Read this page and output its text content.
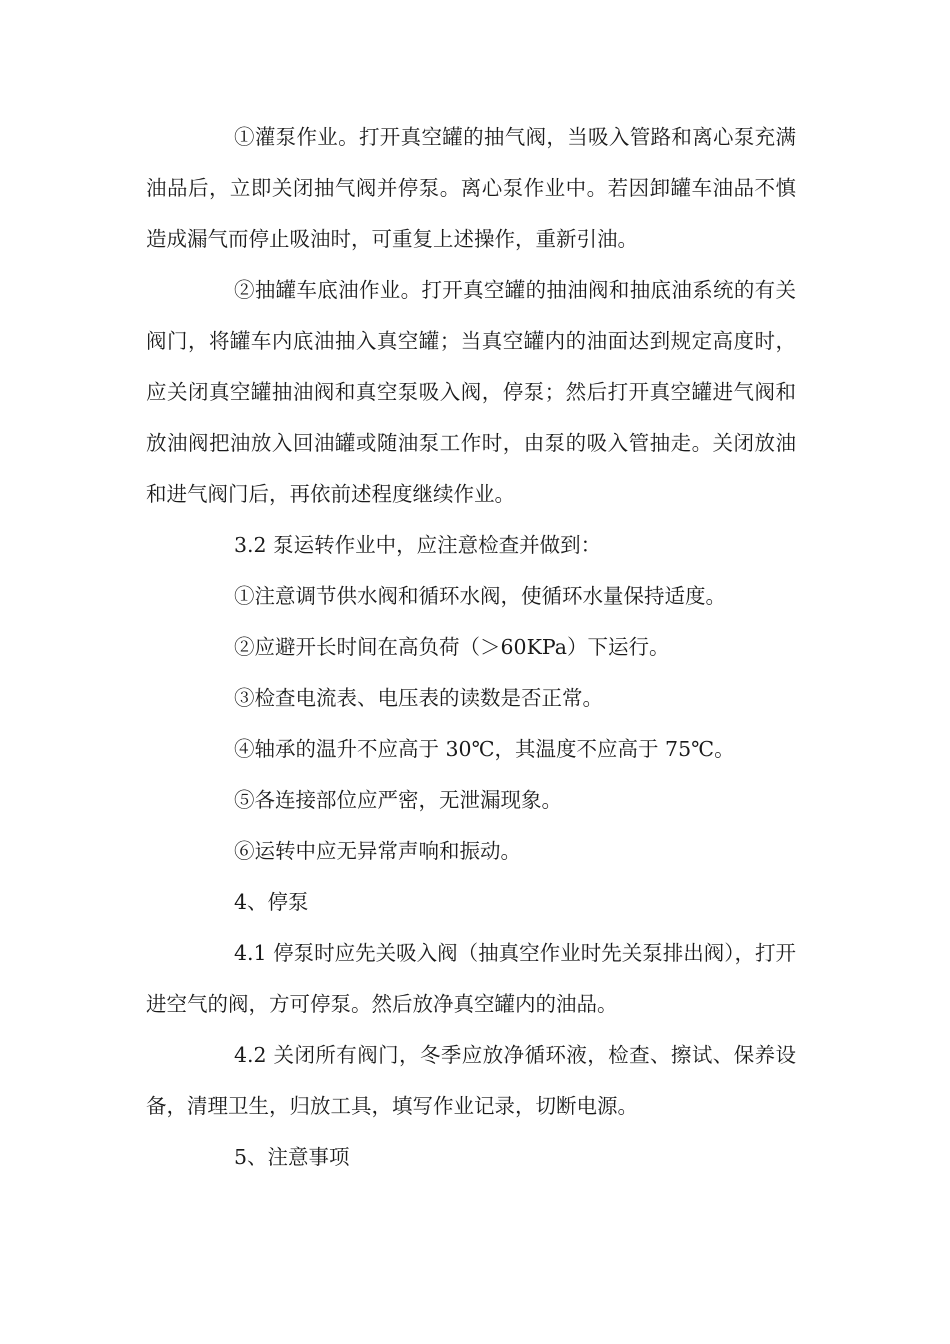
①灌泵作业。打开真空罐的抽气阀，当吸入管路和离心泵充满油品后，立即关闭抽气阀并停泵。离心泵作业中。若因卸罐车油品不慎造成漏气而停止吸油时，可重复上述操作，重新引油。

②抽罐车底油作业。打开真空罐的抽油阀和抽底油系统的有关阀门，将罐车内底油抽入真空罐；当真空罐内的油面达到规定高度时，应关闭真空罐抽油阀和真空泵吸入阀，停泵；然后打开真空罐进气阀和放油阀把油放入回油罐或随油泵工作时，由泵的吸入管抽走。关闭放油和进气阀门后，再依前述程度继续作业。

3.2 泵运转作业中，应注意检查并做到：

①注意调节供水阀和循环水阀，使循环水量保持适度。

②应避开长时间在高负荷（＞60KPa）下运行。

③检查电流表、电压表的读数是否正常。

④轴承的温升不应高于 30℃，其温度不应高于 75℃。

⑤各连接部位应严密，无泄漏现象。

⑥运转中应无异常声响和振动。

4、停泵

4.1 停泵时应先关吸入阀（抽真空作业时先关泵排出阀），打开进空气的阀，方可停泵。然后放净真空罐内的油品。

4.2 关闭所有阀门，冬季应放净循环液，检查、擦试、保养设备，清理卫生，归放工具，填写作业记录，切断电源。

5、注意事项
